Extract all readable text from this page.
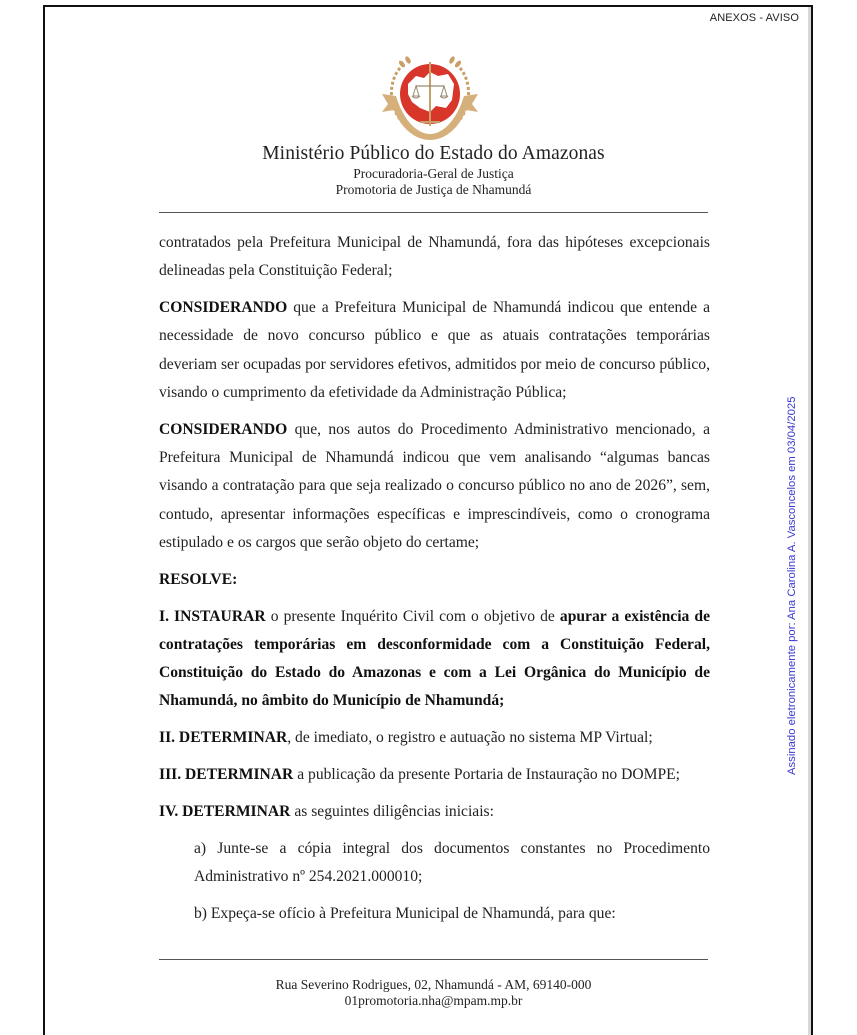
ANEXOS - AVISO
Ministério Público do Estado do Amazonas
Procuradoria-Geral de Justiça
Promotoria de Justiça de Nhamundá

contratados pela Prefeitura Municipal de Nhamundá, fora das hipóteses excepcionais delineadas pela Constituição Federal;

CONSIDERANDO que a Prefeitura Municipal de Nhamundá indicou que entende a necessidade de novo concurso público e que as atuais contratações temporárias deveriam ser ocupadas por servidores efetivos, admitidos por meio de concurso público, visando o cumprimento da efetividade da Administração Pública;

CONSIDERANDO que, nos autos do Procedimento Administrativo mencionado, a Prefeitura Municipal de Nhamundá indicou que vem analisando “algumas bancas visando a contratação para que seja realizado o concurso público no ano de 2026”, sem, contudo, apresentar informações específicas e imprescindíveis, como o cronograma estipulado e os cargos que serão objeto do certame;

RESOLVE:

I. INSTAURAR o presente Inquérito Civil com o objetivo de apurar a existência de contratações temporárias em desconformidade com a Constituição Federal, Constituição do Estado do Amazonas e com a Lei Orgânica do Município de Nhamundá, no âmbito do Município de Nhamundá;

II. DETERMINAR, de imediato, o registro e autuação no sistema MP Virtual;

III. DETERMINAR a publicação da presente Portaria de Instauração no DOMPE;

IV. DETERMINAR as seguintes diligências iniciais:

a) Junte-se a cópia integral dos documentos constantes no Procedimento Administrativo nº 254.2021.000010;

b) Expeça-se ofício à Prefeitura Municipal de Nhamundá, para que:

Rua Severino Rodrigues, 02, Nhamundá - AM, 69140-000
01promotoria.nha@mpam.mp.br
Assinado eletronicamente por: Ana Carolina A. Vasconcelos em 03/04/2025
